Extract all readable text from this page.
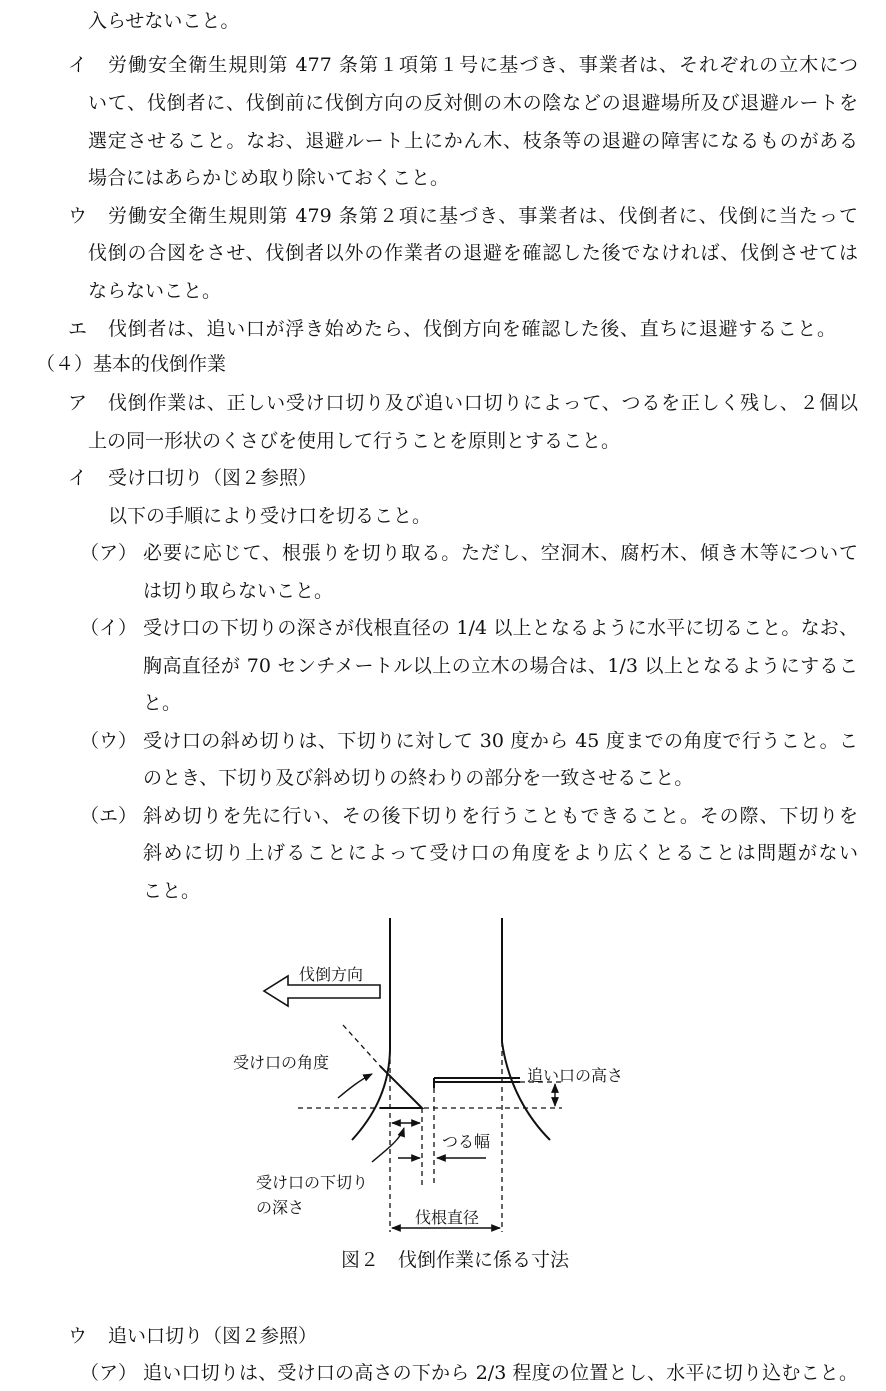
入らせないこと。
イ 労働安全衛生規則第 477 条第１項第１号に基づき、事業者は、それぞれの立木につ
いて、伐倒者に、伐倒前に伐倒方向の反対側の木の陰などの退避場所及び退避ルートを
選定させること。なお、退避ルート上にかん木、枝条等の退避の障害になるものがある
場合にはあらかじめ取り除いておくこと。
ウ 労働安全衛生規則第 479 条第２項に基づき、事業者は、伐倒者に、伐倒に当たって
伐倒の合図をさせ、伐倒者以外の作業者の退避を確認した後でなければ、伐倒させては
ならないこと。
エ 伐倒者は、追い口が浮き始めたら、伐倒方向を確認した後、直ちに退避すること。
（４）基本的伐倒作業
ア 伐倒作業は、正しい受け口切り及び追い口切りによって、つるを正しく残し、２個以
上の同一形状のくさびを使用して行うことを原則とすること。
イ 受け口切り（図２参照）
以下の手順により受け口を切ること。
（ア） 必要に応じて、根張りを切り取る。ただし、空洞木、腐朽木、傾き木等について
は切り取らないこと。
（イ） 受け口の下切りの深さが伐根直径の 1/4 以上となるように水平に切ること。なお、
胸高直径が 70 センチメートル以上の立木の場合は、1/3 以上となるようにするこ
と。
（ウ） 受け口の斜め切りは、下切りに対して 30 度から 45 度までの角度で行うこと。こ
のとき、下切り及び斜め切りの終わりの部分を一致させること。
（エ） 斜め切りを先に行い、その後下切りを行うこともできること。その際、下切りを
斜めに切り上げることによって受け口の角度をより広くとることは問題がない
こと。
伐倒方向
受け口の角度
追い口の高さ
つる幅
受け口の下切り
の深さ
伐根直径
図２　伐倒作業に係る寸法
ウ 追い口切り（図２参照）
（ア） 追い口切りは、受け口の高さの下から 2/3 程度の位置とし、水平に切り込むこと。
